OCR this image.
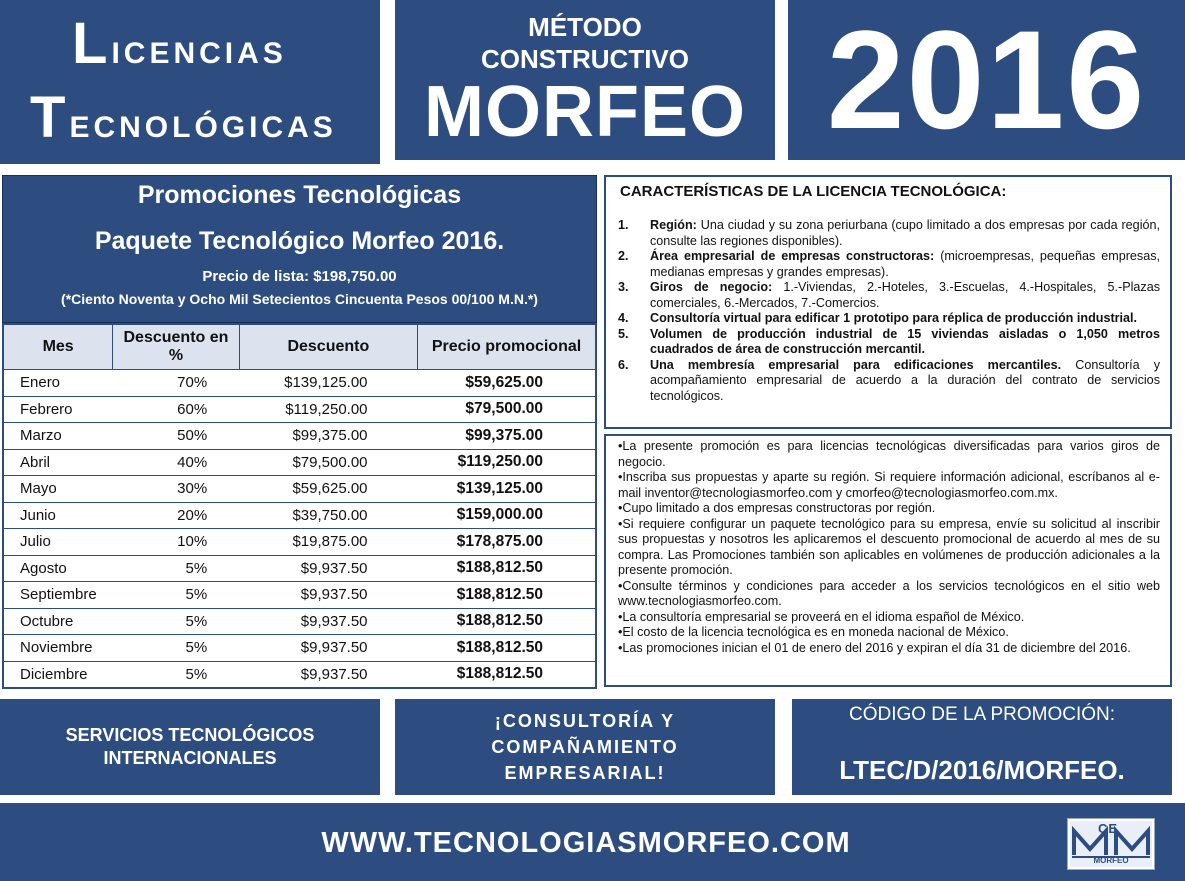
LICENCIAS
TECNOLÓGICAS
MÉTODO
CONSTRUCTIVO
MORFEO 2016
Promociones Tecnológicas
Paquete Tecnológico Morfeo 2016.
Precio de lista: $198,750.00
(*Ciento Noventa y Ocho Mil Setecientos Cincuenta Pesos 00/100 M.N.*)
Mes	Descuento en %	Descuento	Precio promocional
Enero	70%	$139,125.00	$59,625.00
Febrero	60%	$119,250.00	$79,500.00
Marzo	50%	$99,375.00	$99,375.00
Abril	40%	$79,500.00	$119,250.00
Mayo	30%	$59,625.00	$139,125.00
Junio	20%	$39,750.00	$159,000.00
Julio	10%	$19,875.00	$178,875.00
Agosto	5%	$9,937.50	$188,812.50
Septiembre	5%	$9,937.50	$188,812.50
Octubre	5%	$9,937.50	$188,812.50
Noviembre	5%	$9,937.50	$188,812.50
Diciembre	5%	$9,937.50	$188,812.50
CARACTERÍSTICAS DE LA LICENCIA TECNOLÓGICA:
1.	Región: Una ciudad y su zona periurbana (cupo limitado a dos empresas por cada región, consulte las regiones disponibles).
2.	Área empresarial de empresas constructoras: (microempresas, pequeñas empresas, medianas empresas y grandes empresas).
3.	Giros de negocio: 1.-Viviendas, 2.-Hoteles, 3.-Escuelas, 4.-Hospitales, 5.-Plazas comerciales, 6.-Mercados, 7.-Comercios.
4.	Consultoría virtual para edificar 1 prototipo para réplica de producción industrial.
5.	Volumen de producción industrial de 15 viviendas aisladas o 1,050 metros cuadrados de área de construcción mercantil.
6.	Una membresía empresarial para edificaciones mercantiles. Consultoría y acompañamiento empresarial de acuerdo a la duración del contrato de servicios tecnológicos.
•La presente promoción es para licencias tecnológicas diversificadas para varios giros de negocio.
•Inscriba sus propuestas y aparte su región. Si requiere información adicional, escríbanos al e-mail inventor@tecnologiasmorfeo.com y cmorfeo@tecnologiasmorfeo.com.mx.
•Cupo limitado a dos empresas constructoras por región.
•Si requiere configurar un paquete tecnológico para su empresa, envíe su solicitud al inscribir sus propuestas y nosotros les aplicaremos el descuento promocional de acuerdo al mes de su compra. Las Promociones también son aplicables en volúmenes de producción adicionales a la presente promoción.
•Consulte términos y condiciones para acceder a los servicios tecnológicos en el sitio web www.tecnologiasmorfeo.com.
•La consultoría empresarial se proveerá en el idioma español de México.
•El costo de la licencia tecnológica es en moneda nacional de México.
•Las promociones inician el 01 de enero del 2016 y expiran el día 31 de diciembre del 2016.
SERVICIOS TECNOLÓGICOS
INTERNACIONALES
¡CONSULTORÍA Y
COMPAÑAMIENTO
EMPRESARIAL!
CÓDIGO DE LA PROMOCIÓN:
LTEC/D/2016/MORFEO.
WWW.TECNOLOGIASMORFEO.COM	CE
MORFEO
